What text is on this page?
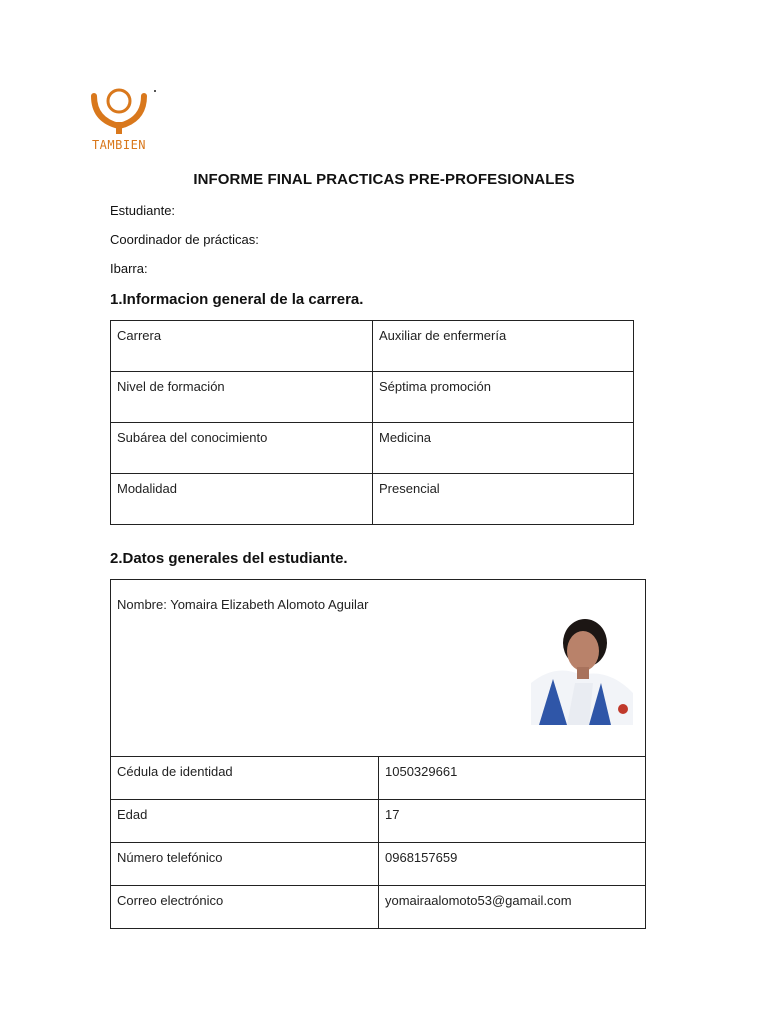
TAMBIEN
INFORME FINAL PRACTICAS PRE-PROFESIONALES
Estudiante:
Coordinador de prácticas:
Ibarra:
1.Informacion general de la carrera.
Carrera	Auxiliar de enfermería
Nivel de formación	Séptima promoción
Subárea del conocimiento	Medicina
Modalidad	Presencial
2.Datos generales del estudiante.
Nombre: Yomaira Elizabeth Alomoto Aguilar	

Cédula de identidad	1050329661
Edad	17
Número telefónico	0968157659
Correo electrónico	yomairaalomoto53@gamail.com
